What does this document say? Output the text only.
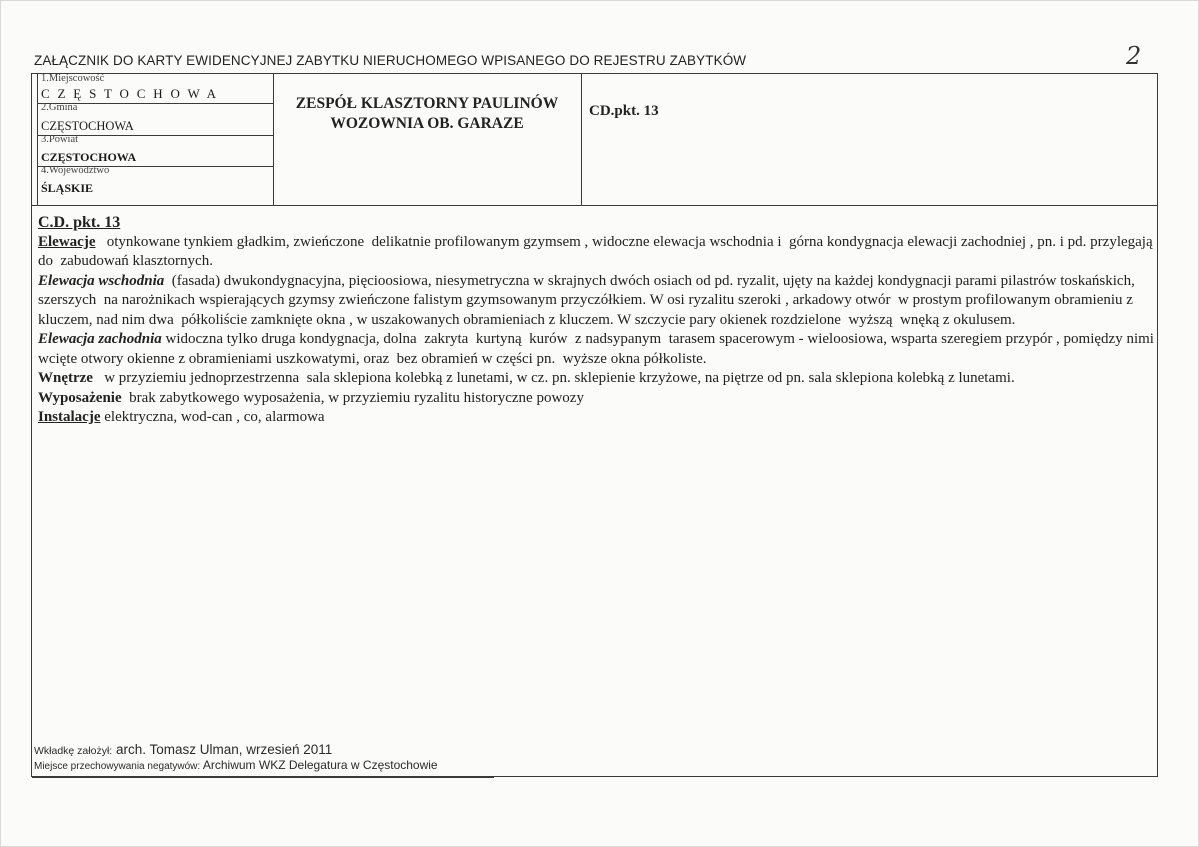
ZAŁĄCZNIK DO KARTY EWIDENCYJNEJ ZABYTKU NIERUCHOMEGO WPISANEGO DO REJESTRU ZABYTKÓW	2
1.Miejscowość
C Z Ę S T O C H O W A
2.Gmina
CZĘSTOCHOWA
3.Powiat
CZĘSTOCHOWA
4.Województwo
ŚLĄSKIE
ZESPÓŁ KLASZTORNY PAULINÓW
WOZOWNIA OB. GARAZE
CD.pkt. 13
C.D. pkt. 13

Elewacje   otynkowane tynkiem gładkim, zwieńczone  delikatnie profilowanym gzymsem , widoczne elewacja wschodnia i  górna kondygnacja elewacji zachodniej , pn. i pd. przylegają do  zabudowań klasztornych.

Elewacja wschodnia  (fasada) dwukondygnacyjna, pięcioosiowa, niesymetryczna w skrajnych dwóch osiach od pd. ryzalit, ujęty na każdej kondygnacji parami pilastrów toskańskich, szerszych  na narożnikach wspierających gzymsy zwieńczone falistym gzymsowanym przyczółkiem. W osi ryzalitu szeroki , arkadowy otwór  w prostym profilowanym obramieniu z kluczem, nad nim dwa  półkoliście zamknięte okna , w uszakowanych obramieniach z kluczem. W szczycie pary okienek rozdzielone  wyższą  wnęką z okulusem.

Elewacja zachodnia widoczna tylko druga kondygnacja, dolna  zakryta  kurtyną  kurów  z nadsypanym  tarasem spacerowym - wieloosiowa, wsparta szeregiem przypór , pomiędzy nimi wcięte otwory okienne z obramieniami uszkowatymi, oraz  bez obramień w części pn.  wyższe okna półkoliste.

Wnętrze   w przyziemiu jednoprzestrzenna  sala sklepiona kolebką z lunetami, w cz. pn. sklepienie krzyżowe, na piętrze od pn. sala sklepiona kolebką z lunetami.

Wyposażenie  brak zabytkowego wyposażenia, w przyziemiu ryzalitu historyczne powozy

Instalacje elektryczna, wod-can , co, alarmowa

Wkładkę założył: arch. Tomasz Ulman, wrzesień 2011
Miejsce przechowywania negatywów: Archiwum WKZ Delegatura w Częstochowie
